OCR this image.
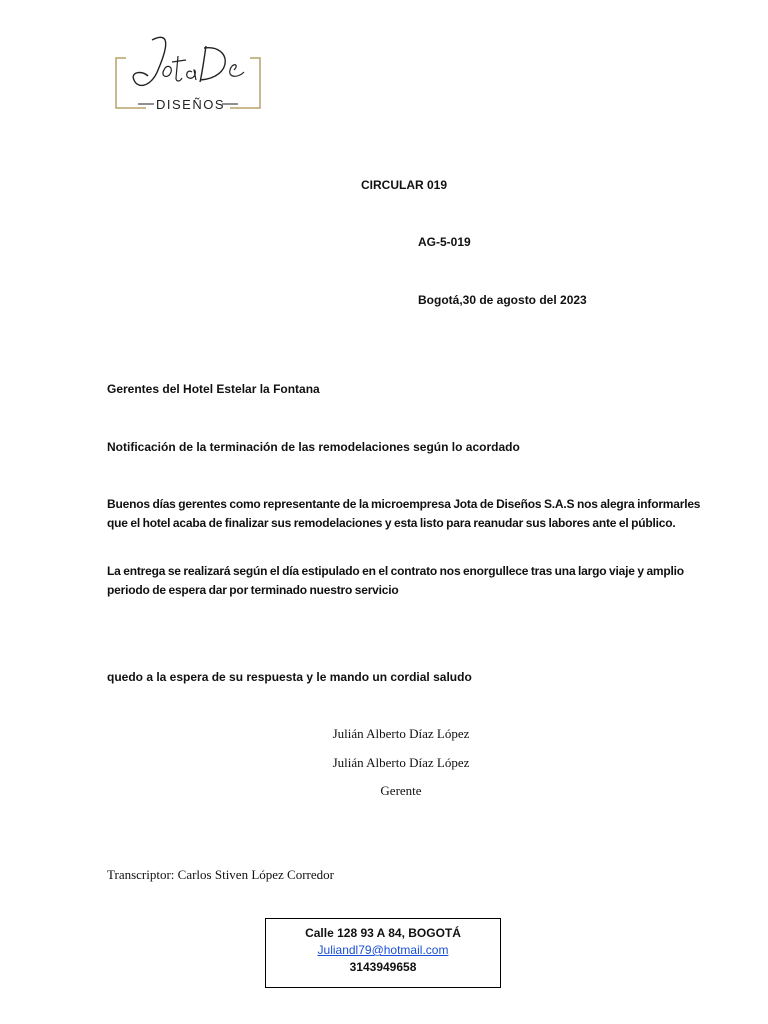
DISEÑOS
CIRCULAR 019
AG-5-019
Bogotá,30 de agosto del 2023
Gerentes del Hotel Estelar la Fontana
Notificación de la terminación de las remodelaciones según lo acordado
Buenos días gerentes como representante de la microempresa Jota de Diseños S.A.S nos alegra informarles que el hotel acaba de finalizar sus remodelaciones y esta listo para reanudar sus labores ante el público.
La entrega se realizará según el día estipulado en el contrato nos enorgullece tras una largo viaje y amplio periodo de espera dar por terminado nuestro servicio
quedo a la espera de su respuesta y le mando un cordial saludo
Julián Alberto Díaz López
Julián Alberto Díaz López
Gerente
Transcriptor: Carlos Stiven López Corredor
Calle 128 93 A 84, BOGOTÁ
Juliandl79@hotmail.com
3143949658
